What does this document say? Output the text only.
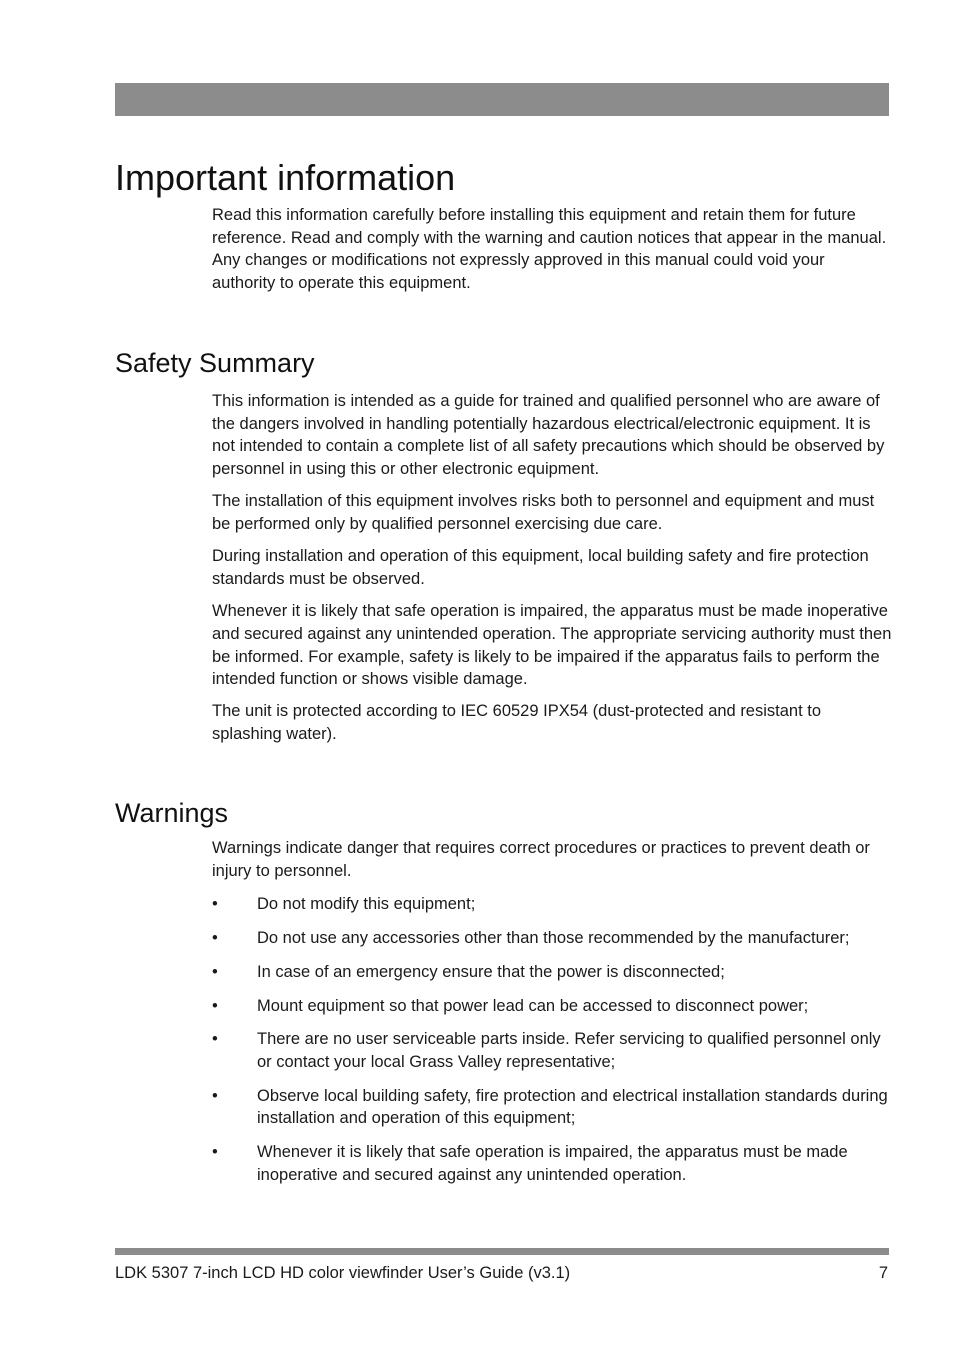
Important information

Read this information carefully before installing this equipment and retain them for future reference. Read and comply with the warning and caution notices that appear in the manual. Any changes or modifications not expressly approved in this manual could void your authority to operate this equipment.

Safety Summary

This information is intended as a guide for trained and qualified personnel who are aware of the dangers involved in handling potentially hazardous electrical/electronic equipment. It is not intended to contain a complete list of all safety precautions which should be observed by personnel in using this or other electronic equipment.

The installation of this equipment involves risks both to personnel and equipment and must be performed only by qualified personnel exercising due care.

During installation and operation of this equipment, local building safety and fire protection standards must be observed.

Whenever it is likely that safe operation is impaired, the apparatus must be made inoperative and secured against any unintended operation. The appropriate servicing authority must then be informed. For example, safety is likely to be impaired if the apparatus fails to perform the intended function or shows visible damage.

The unit is protected according to IEC 60529 IPX54 (dust-protected and resistant to splashing water).

Warnings

Warnings indicate danger that requires correct procedures or practices to prevent death or injury to personnel.

•	Do not modify this equipment;
•	Do not use any accessories other than those recommended by the manufacturer;
•	In case of an emergency ensure that the power is disconnected;
•	Mount equipment so that power lead can be accessed to disconnect power;
•	There are no user serviceable parts inside. Refer servicing to qualified personnel only or contact your local Grass Valley representative;
•	Observe local building safety, fire protection and electrical installation standards during installation and operation of this equipment;
•	Whenever it is likely that safe operation is impaired, the apparatus must be made inoperative and secured against any unintended operation.
LDK 5307 7-inch LCD HD color viewfinder User’s Guide (v3.1)	7
